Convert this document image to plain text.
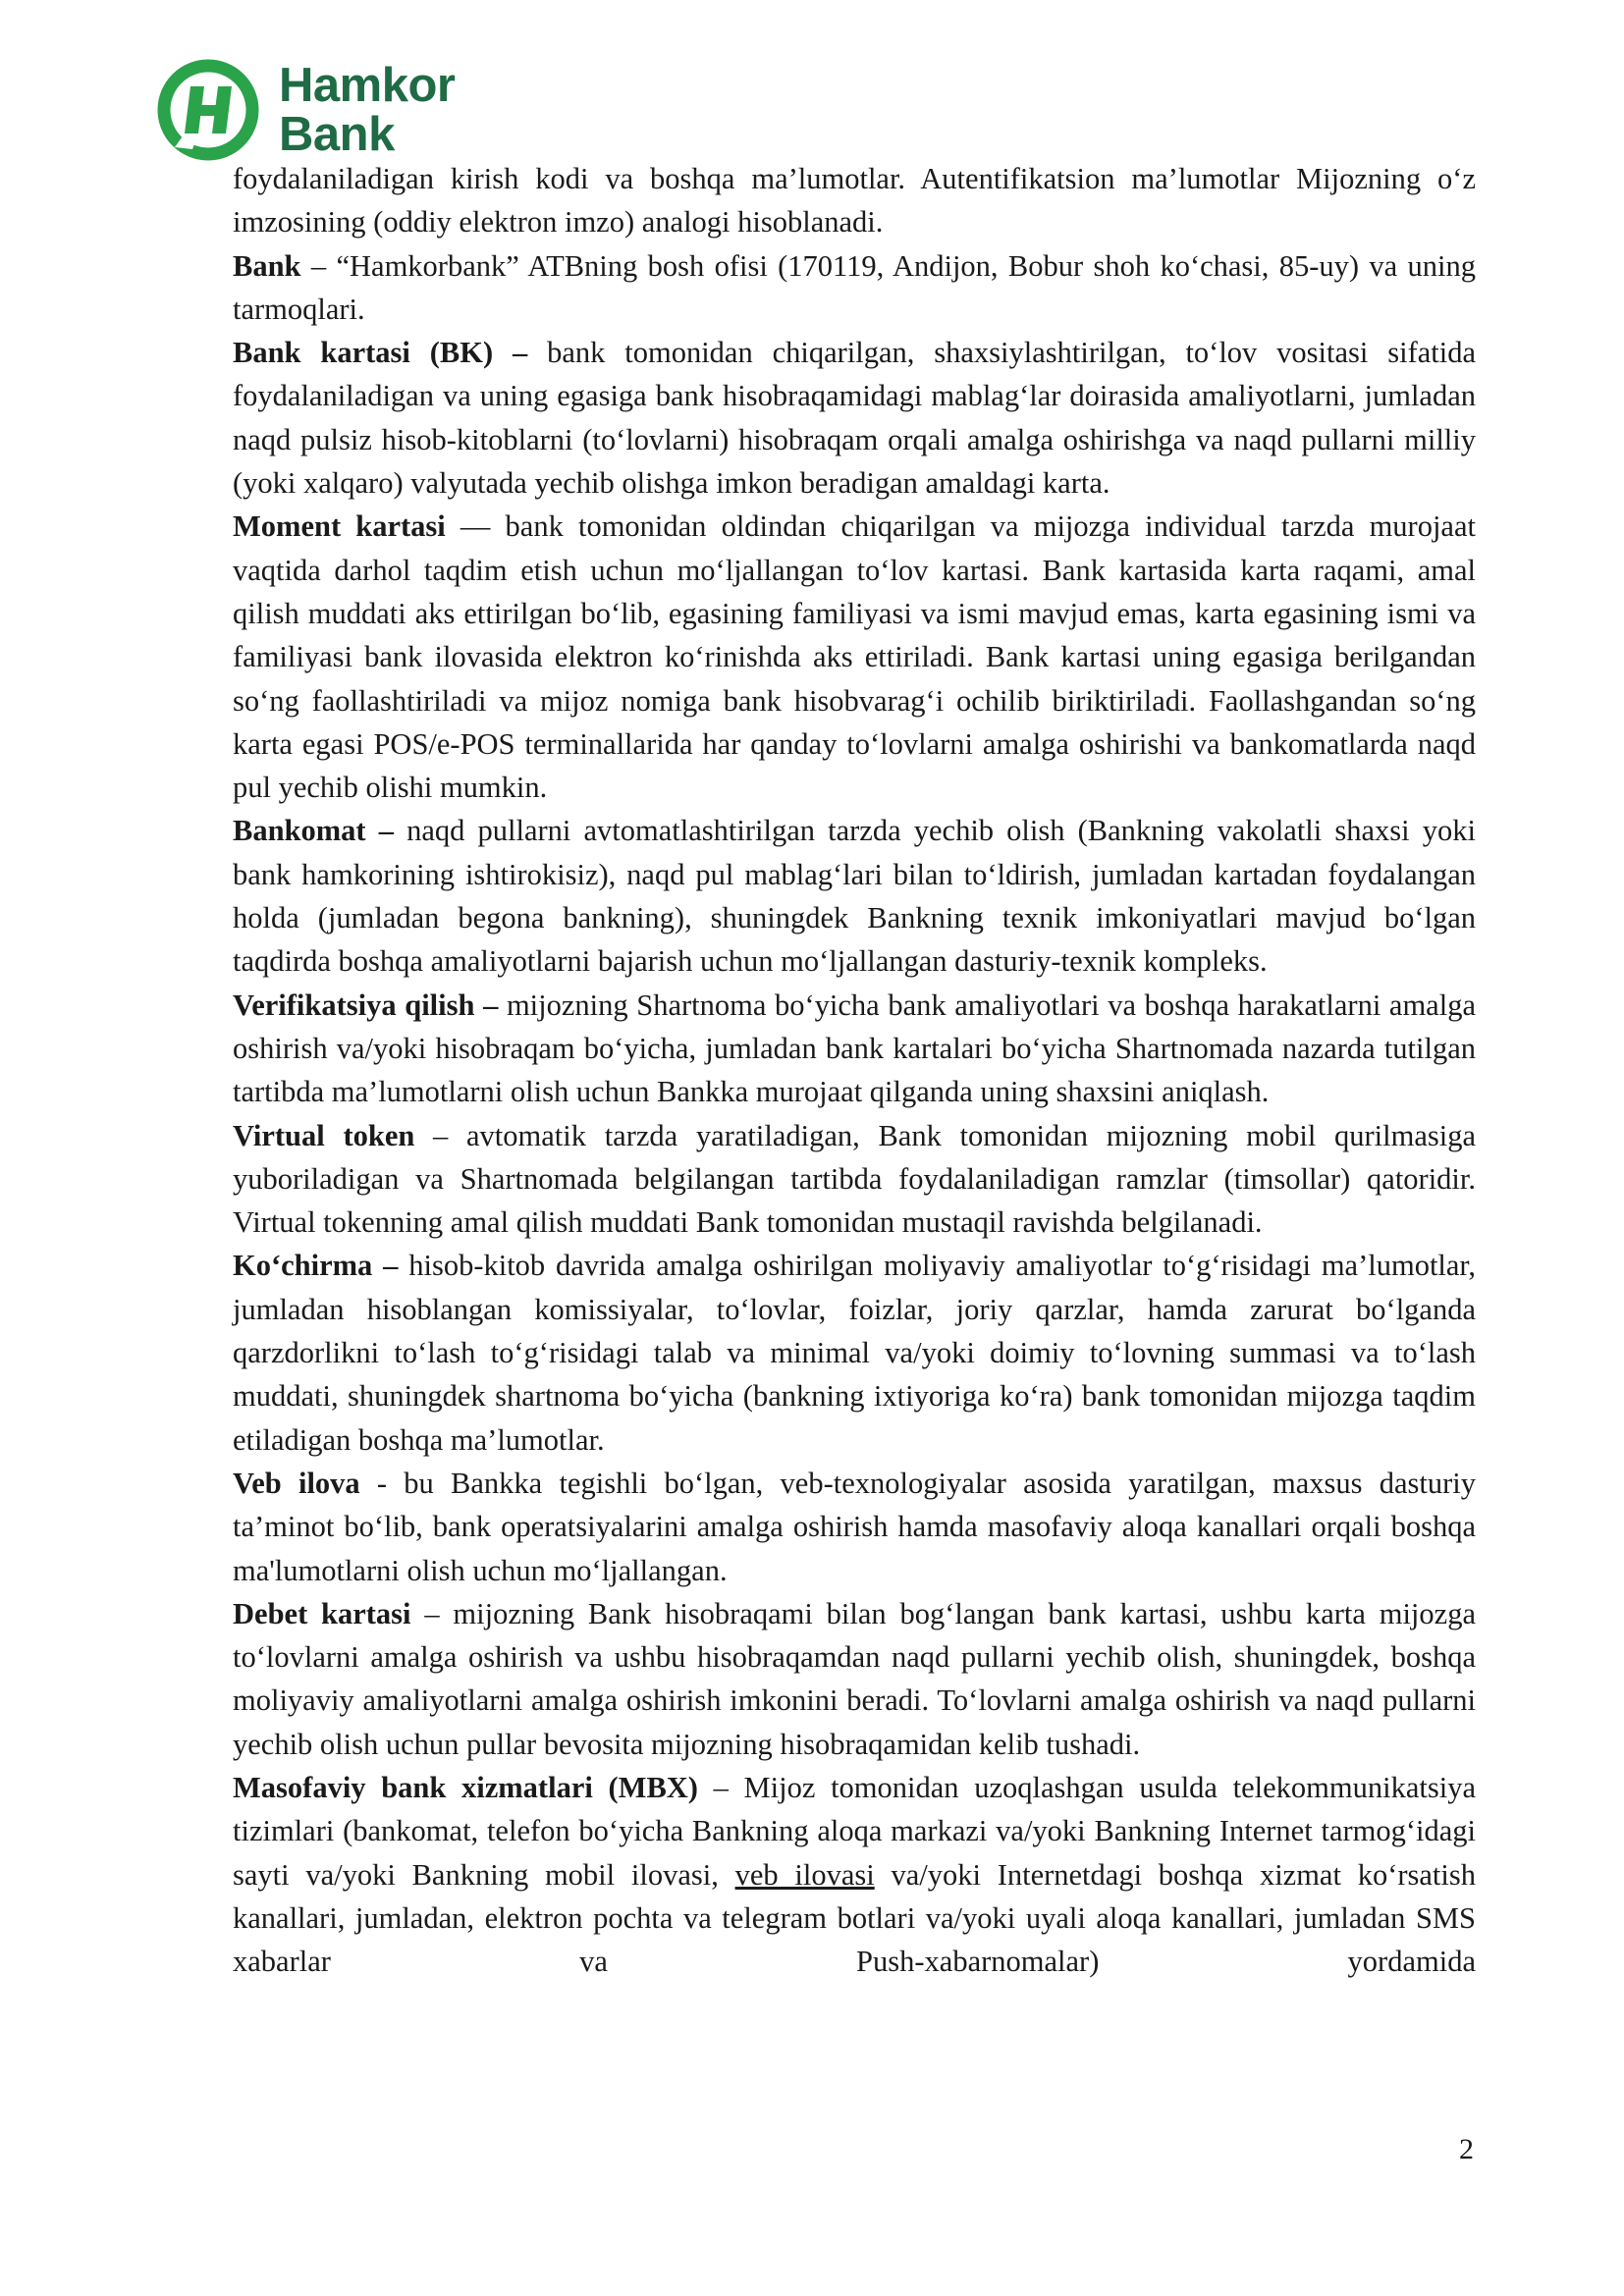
Hamkor
Bank

foydalaniladigan kirish kodi va boshqa ma’lumotlar. Autentifikatsion ma’lumotlar Mijozning o‘z imzosining (oddiy elektron imzo) analogi hisoblanadi.

Bank – “Hamkorbank” ATBning bosh ofisi (170119, Andijon, Bobur shoh ko‘chasi, 85-uy) va uning tarmoqlari.

Bank kartasi (BK) – bank tomonidan chiqarilgan, shaxsiylashtirilgan, to‘lov vositasi sifatida foydalaniladigan va uning egasiga bank hisobraqamidagi mablag‘lar doirasida amaliyotlarni, jumladan naqd pulsiz hisob-kitoblarni (to‘lovlarni) hisobraqam orqali amalga oshirishga va naqd pullarni milliy (yoki xalqaro) valyutada yechib olishga imkon beradigan amaldagi karta.

Moment kartasi — bank tomonidan oldindan chiqarilgan va mijozga individual tarzda murojaat vaqtida darhol taqdim etish uchun mo‘ljallangan to‘lov kartasi. Bank kartasida karta raqami, amal qilish muddati aks ettirilgan bo‘lib, egasining familiyasi va ismi mavjud emas, karta egasining ismi va familiyasi bank ilovasida elektron ko‘rinishda aks ettiriladi. Bank kartasi uning egasiga berilgandan so‘ng faollashtiriladi va mijoz nomiga bank hisobvarag‘i ochilib biriktiriladi. Faollashgandan so‘ng karta egasi POS/e-POS terminallarida har qanday to‘lovlarni amalga oshirishi va bankomatlarda naqd pul yechib olishi mumkin.

Bankomat – naqd pullarni avtomatlashtirilgan tarzda yechib olish (Bankning vakolatli shaxsi yoki bank hamkorining ishtirokisiz), naqd pul mablag‘lari bilan to‘ldirish, jumladan kartadan foydalangan holda (jumladan begona bankning), shuningdek Bankning texnik imkoniyatlari mavjud bo‘lgan taqdirda boshqa amaliyotlarni bajarish uchun mo‘ljallangan dasturiy-texnik kompleks.

Verifikatsiya qilish – mijozning Shartnoma bo‘yicha bank amaliyotlari va boshqa harakatlarni amalga oshirish va/yoki hisobraqam bo‘yicha, jumladan bank kartalari bo‘yicha Shartnomada nazarda tutilgan tartibda ma’lumotlarni olish uchun Bankka murojaat qilganda uning shaxsini aniqlash.

Virtual token – avtomatik tarzda yaratiladigan, Bank tomonidan mijozning mobil qurilmasiga yuboriladigan va Shartnomada belgilangan tartibda foydalaniladigan ramzlar (timsollar) qatoridir. Virtual tokenning amal qilish muddati Bank tomonidan mustaqil ravishda belgilanadi.

Ko‘chirma – hisob-kitob davrida amalga oshirilgan moliyaviy amaliyotlar to‘g‘risidagi ma’lumotlar, jumladan hisoblangan komissiyalar, to‘lovlar, foizlar, joriy qarzlar, hamda zarurat bo‘lganda qarzdorlikni to‘lash to‘g‘risidagi talab va minimal va/yoki doimiy to‘lovning summasi va to‘lash muddati, shuningdek shartnoma bo‘yicha (bankning ixtiyoriga ko‘ra) bank tomonidan mijozga taqdim etiladigan boshqa ma’lumotlar.

Veb ilova - bu Bankka tegishli bo‘lgan, veb-texnologiyalar asosida yaratilgan, maxsus dasturiy ta’minot bo‘lib, bank operatsiyalarini amalga oshirish hamda masofaviy aloqa kanallari orqali boshqa ma'lumotlarni olish uchun mo‘ljallangan.

Debet kartasi – mijozning Bank hisobraqami bilan bog‘langan bank kartasi, ushbu karta mijozga to‘lovlarni amalga oshirish va ushbu hisobraqamdan naqd pullarni yechib olish, shuningdek, boshqa moliyaviy amaliyotlarni amalga oshirish imkonini beradi. To‘lovlarni amalga oshirish va naqd pullarni yechib olish uchun pullar bevosita mijozning hisobraqamidan kelib tushadi.

Masofaviy bank xizmatlari (MBX) – Mijoz tomonidan uzoqlashgan usulda telekommunikatsiya tizimlari (bankomat, telefon bo‘yicha Bankning aloqa markazi va/yoki Bankning Internet tarmog‘idagi sayti va/yoki Bankning mobil ilovasi, veb ilovasi va/yoki Internetdagi boshqa xizmat ko‘rsatish kanallari, jumladan, elektron pochta va telegram botlari va/yoki uyali aloqa kanallari, jumladan SMS xabarlar va Push-xabarnomalar) yordamida

2
